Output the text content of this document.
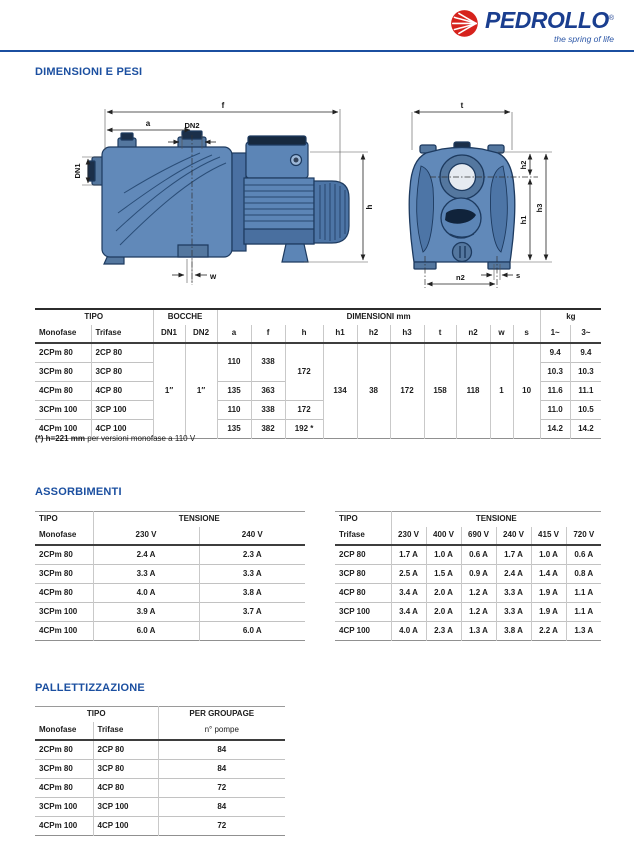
PEDROLLO®
the spring of life
DIMENSIONI E PESI
f
a	DN2
DN1
h
w
t
h2
h1
h3
n2	s
TIPO		BOCCHE		DIMENSIONI mm										kg	
Monofase	Trifase	DN1	DN2	a	f	h	h1	h2	h3	t	n2	w	s	1~	3~
2CPm 80	2CP 80	1″	1″	110	338	172	134	38	172	158	118	1	10	9.4	9.4
3CPm 80	3CP 80													10.3	10.3
4CPm 80	4CP 80			135	363									11.6	11.1
3CPm 100	3CP 100			110	338	172								11.0	10.5
4CPm 100	4CP 100			135	382	192 *								14.2	14.2
(*) h=221 mm per versioni monofase a 110 V
ASSORBIMENTI
TIPO	TENSIONE	
Monofase	230 V	240 V
2CPm 80	2.4 A	2.3 A
3CPm 80	3.3 A	3.3 A
4CPm 80	4.0 A	3.8 A
3CPm 100	3.9 A	3.7 A
4CPm 100	6.0 A	6.0 A
TIPO	TENSIONE					
Trifase	230 V	400 V	690 V	240 V	415 V	720 V
2CP 80	1.7 A	1.0 A	0.6 A	1.7 A	1.0 A	0.6 A
3CP 80	2.5 A	1.5 A	0.9 A	2.4 A	1.4 A	0.8 A
4CP 80	3.4 A	2.0 A	1.2 A	3.3 A	1.9 A	1.1 A
3CP 100	3.4 A	2.0 A	1.2 A	3.3 A	1.9 A	1.1 A
4CP 100	4.0 A	2.3 A	1.3 A	3.8 A	2.2 A	1.3 A
PALLETTIZZAZIONE
TIPO		PER GROUPAGE
Monofase	Trifase	n° pompe
2CPm 80	2CP 80	84
3CPm 80	3CP 80	84
4CPm 80	4CP 80	72
3CPm 100	3CP 100	84
4CPm 100	4CP 100	72
